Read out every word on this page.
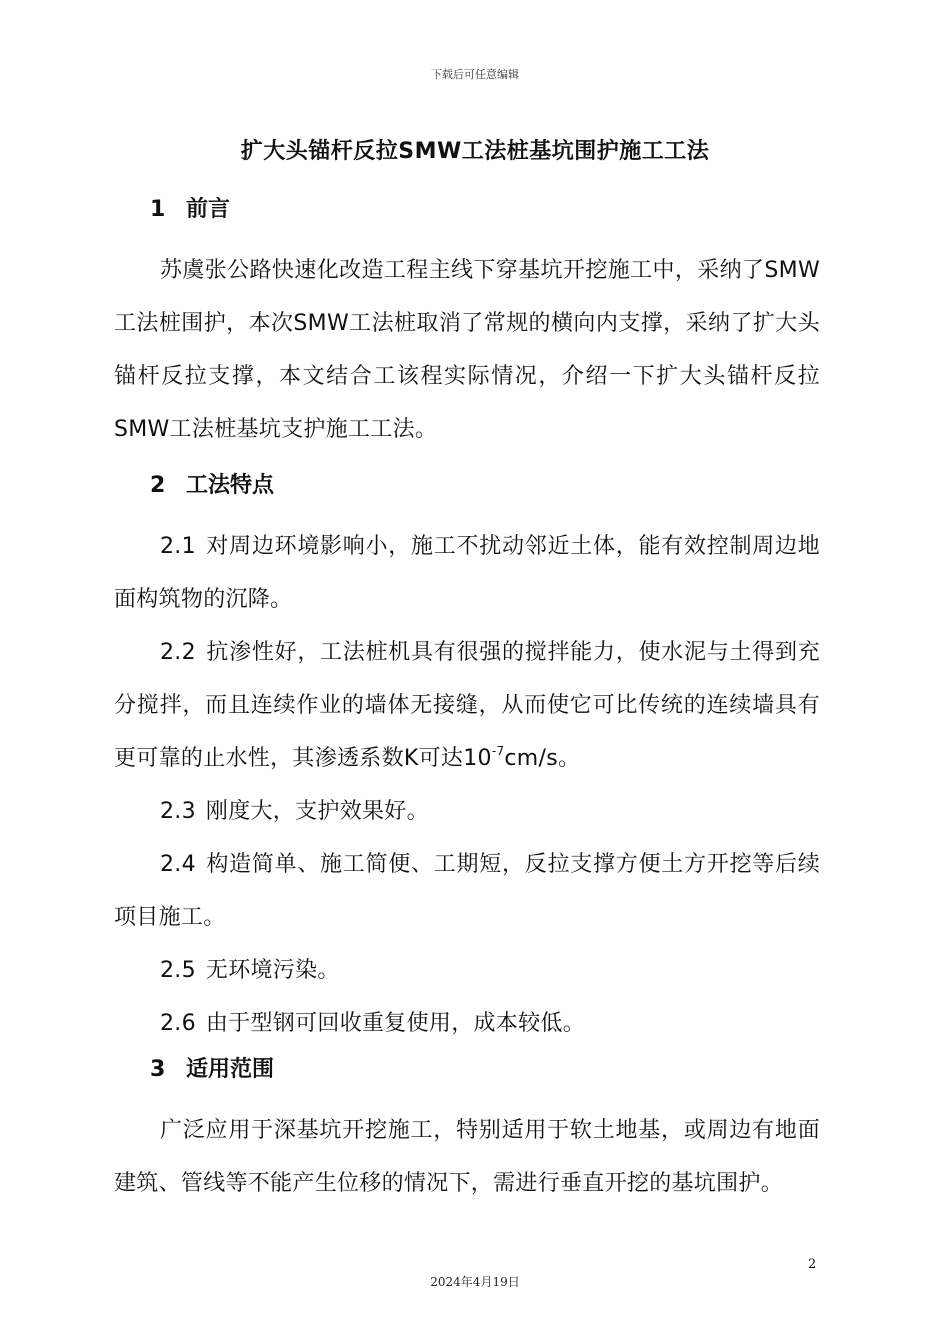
下载后可任意编辑
扩大头锚杆反拉SMW工法桩基坑围护施工工法
1 前言

苏虞张公路快速化改造工程主线下穿基坑开挖施工中，采纳了SMW工法桩围护，本次SMW工法桩取消了常规的横向内支撑，采纳了扩大头锚杆反拉支撑，本文结合工该程实际情况，介绍一下扩大头锚杆反拉SMW工法桩基坑支护施工工法。

2 工法特点

2.1 对周边环境影响小，施工不扰动邻近土体，能有效控制周边地面构筑物的沉降。

2.2 抗渗性好，工法桩机具有很强的搅拌能力，使水泥与土得到充分搅拌，而且连续作业的墙体无接缝，从而使它可比传统的连续墙具有更可靠的止水性，其渗透系数K可达$10^{-7}cm/s$。

2.3 刚度大，支护效果好。

2.4 构造简单、施工简便、工期短，反拉支撑方便土方开挖等后续项目施工。

2.5 无环境污染。

2.6 由于型钢可回收重复使用，成本较低。

3 适用范围

广泛应用于深基坑开挖施工，特别适用于软土地基，或周边有地面建筑、管线等不能产生位移的情况下，需进行垂直开挖的基坑围护。

2
2024年4月19日
